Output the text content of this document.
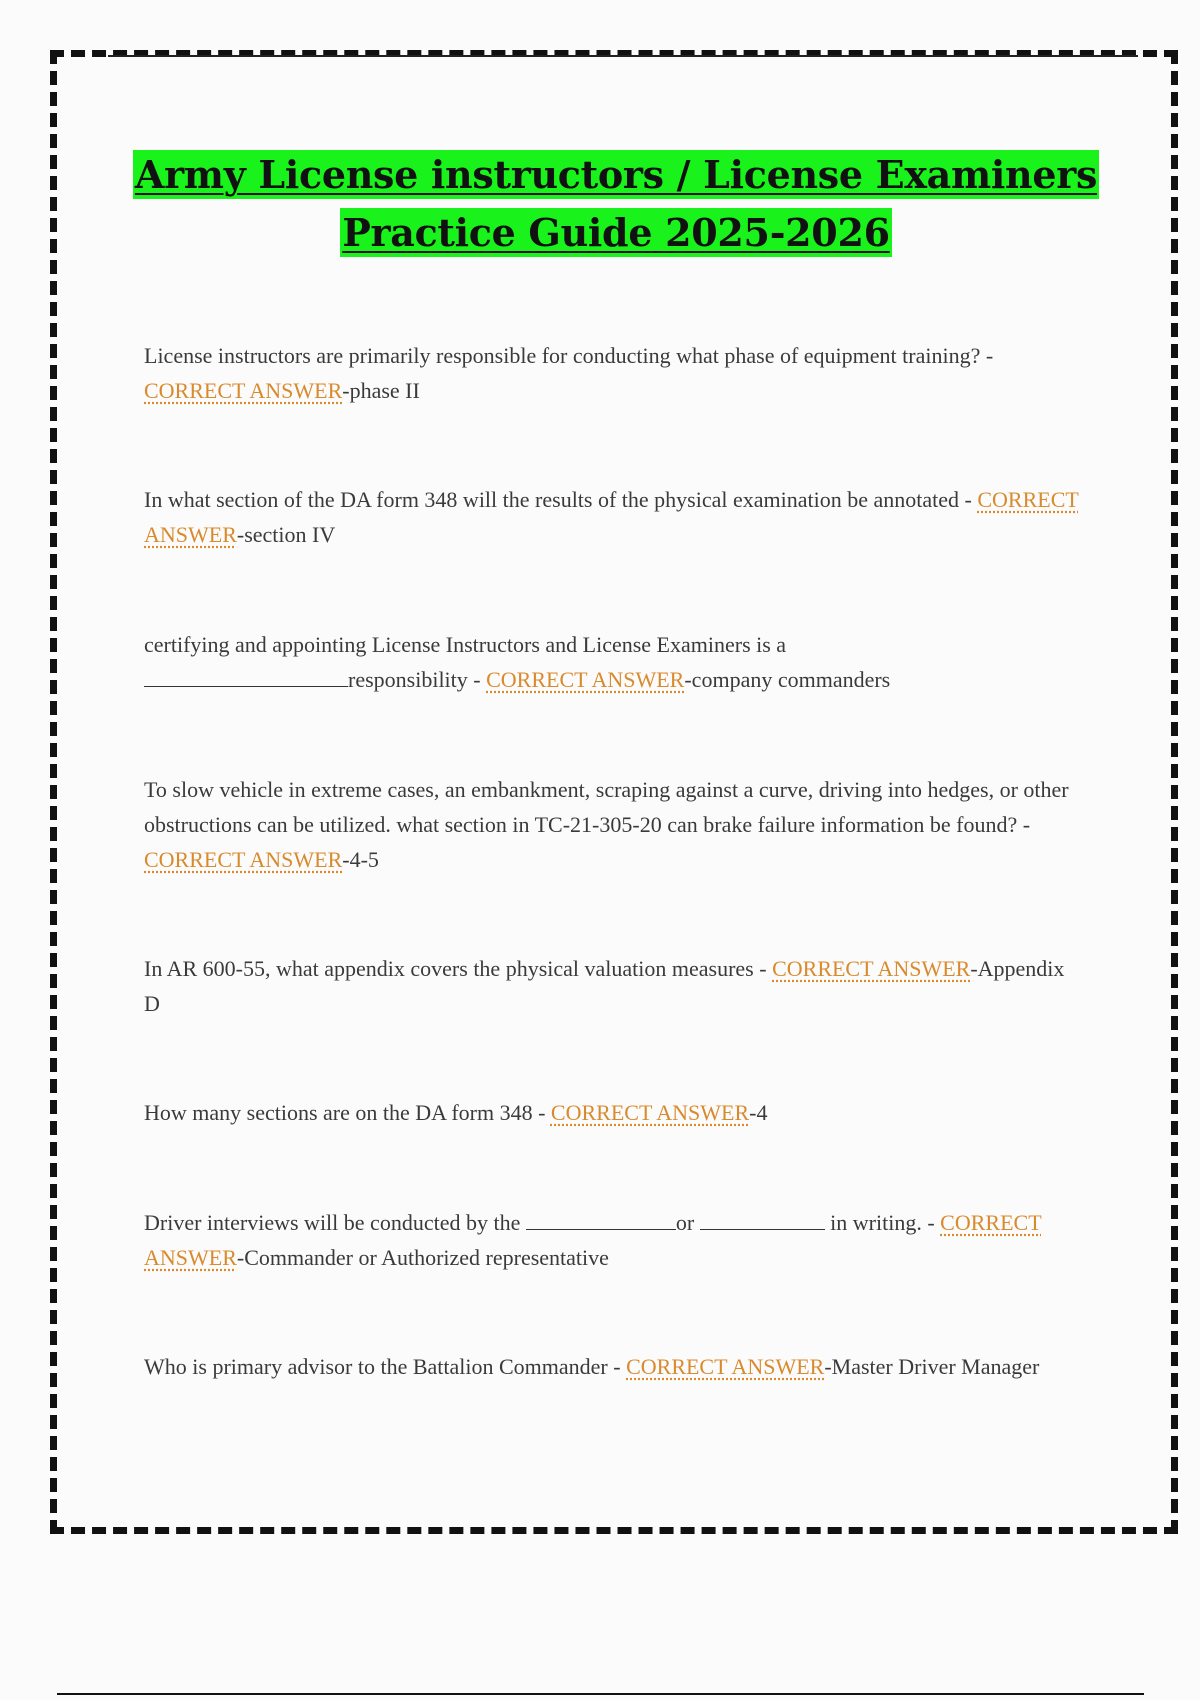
Army License instructors / License Examiners
Practice Guide 2025-2026
License instructors are primarily responsible for conducting what phase of equipment training? - CORRECT ANSWER-phase II
In what section of the DA form 348 will the results of the physical examination be annotated - CORRECT ANSWER-section IV
certifying and appointing License Instructors and License Examiners is a
responsibility - CORRECT ANSWER-company commanders
To slow vehicle in extreme cases, an embankment, scraping against a curve, driving into hedges, or other obstructions can be utilized. what section in TC-21-305-20 can brake failure information be found? - CORRECT ANSWER-4-5
In AR 600-55, what appendix covers the physical valuation measures - CORRECT ANSWER-Appendix D
How many sections are on the DA form 348 - CORRECT ANSWER-4
Driver interviews will be conducted by the	or	in writing. - CORRECT ANSWER-Commander or Authorized representative
Who is primary advisor to the Battalion Commander - CORRECT ANSWER-Master Driver Manager
